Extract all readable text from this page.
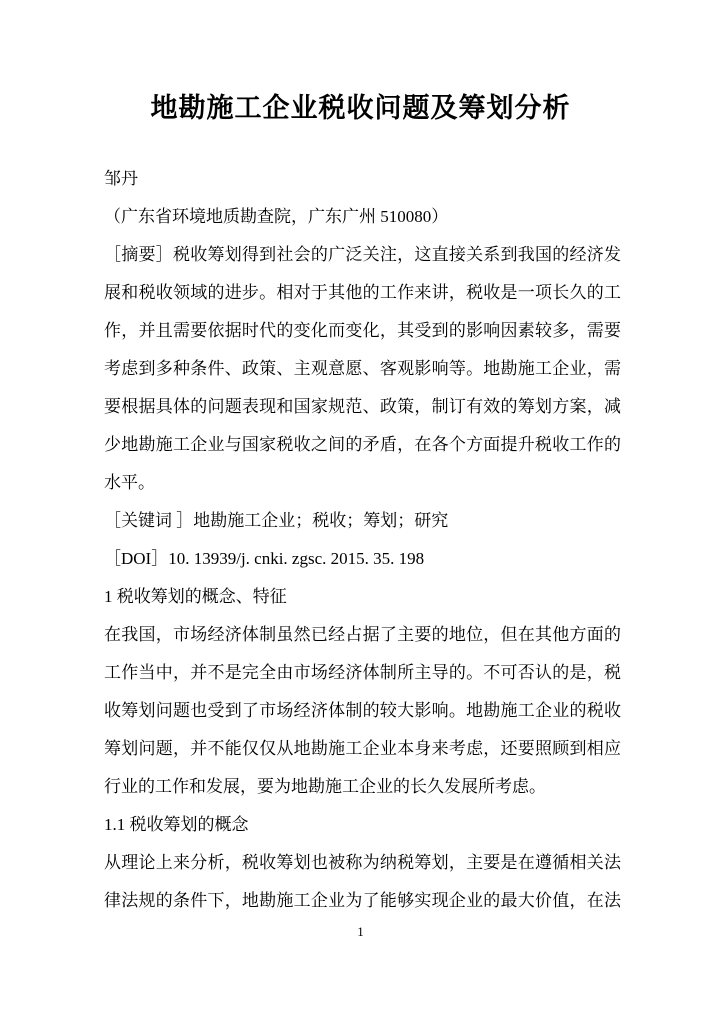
地勘施工企业税收问题及筹划分析
邹丹
（广东省环境地质勘查院，广东广州 510080）
［摘要］税收筹划得到社会的广泛关注，这直接关系到我国的经济发
展和税收领域的进步。相对于其他的工作来讲，税收是一项长久的工
作，并且需要依据时代的变化而变化，其受到的影响因素较多，需要
考虑到多种条件、政策、主观意愿、客观影响等。地勘施工企业，需
要根据具体的问题表现和国家规范、政策，制订有效的筹划方案，减
少地勘施工企业与国家税收之间的矛盾，在各个方面提升税收工作的
水平。
［关键词 ］地勘施工企业；税收；筹划；研究
［DOI］10. 13939/j. cnki. zgsc. 2015. 35. 198
1 税收筹划的概念、特征
在我国，市场经济体制虽然已经占据了主要的地位，但在其他方面的
工作当中，并不是完全由市场经济体制所主导的。不可否认的是，税
收筹划问题也受到了市场经济体制的较大影响。地勘施工企业的税收
筹划问题，并不能仅仅从地勘施工企业本身来考虑，还要照顾到相应
行业的工作和发展，要为地勘施工企业的长久发展所考虑。
1.1 税收筹划的概念
从理论上来分析，税收筹划也被称为纳税筹划，主要是在遵循相关法
律法规的条件下，地勘施工企业为了能够实现企业的最大价值，在法
1
